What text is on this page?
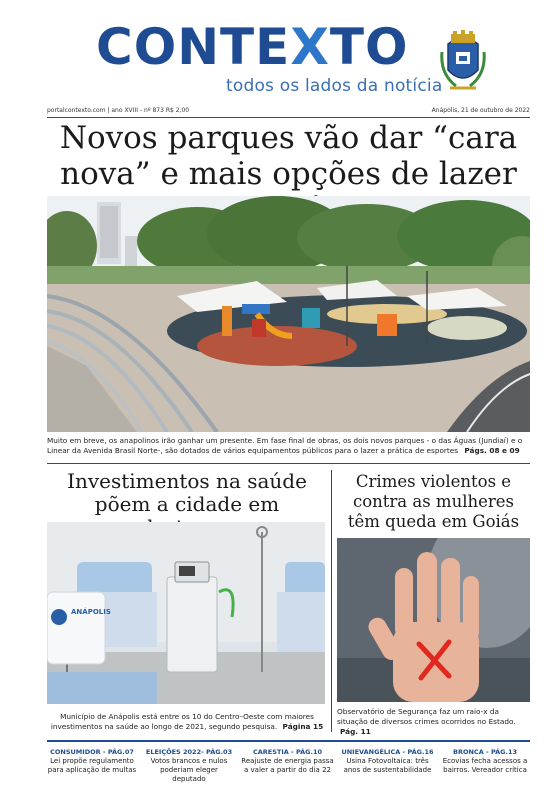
CONTEXTO
todos os lados da notícia
portalcontexto.com | ano XVIII - nº 873 R$ 2,00	Anápolis, 21 de outubro de 2022
Novos parques vão dar “cara nova” e mais opções de lazer
Muito em breve, os anapolinos irão ganhar um presente. Em fase final de obras, os dois novos parques - o das Águas (Jundiaí) e o Linear da Avenida Brasil Norte-, são dotados de vários equipamentos públicos para o lazer a prática de esportes Págs. 08 e 09
Investimentos na saúde põem a cidade em
ANÁPOLIS
Município de Anápolis está entre os 10 do Centro–Oeste com maiores investimentos na saúde ao longo de 2021, segundo pesquisa. Página 15
Crimes violentos e contra as mulheres têm queda em Goiás
Observatório de Segurança faz um raio-x da situação de diversos crimes ocorridos no Estado. Pág. 11
CONSUMIDOR - PÁG.07
Lei propõe regulamento para aplicação de multas
ELEIÇÕES 2022- PÁG.03
Votos brancos e nulos poderiam eleger deputado
CARESTIA - PÁG.10
Reajuste de energia passa a valer a partir do dia 22
UNIEVANGÉLICA - PÁG.16
Usina Fotovoltaica: três anos de sustentabilidade
BRONCA - PÁG.13
Ecovias fecha acessos a bairros. Vereador crítica
